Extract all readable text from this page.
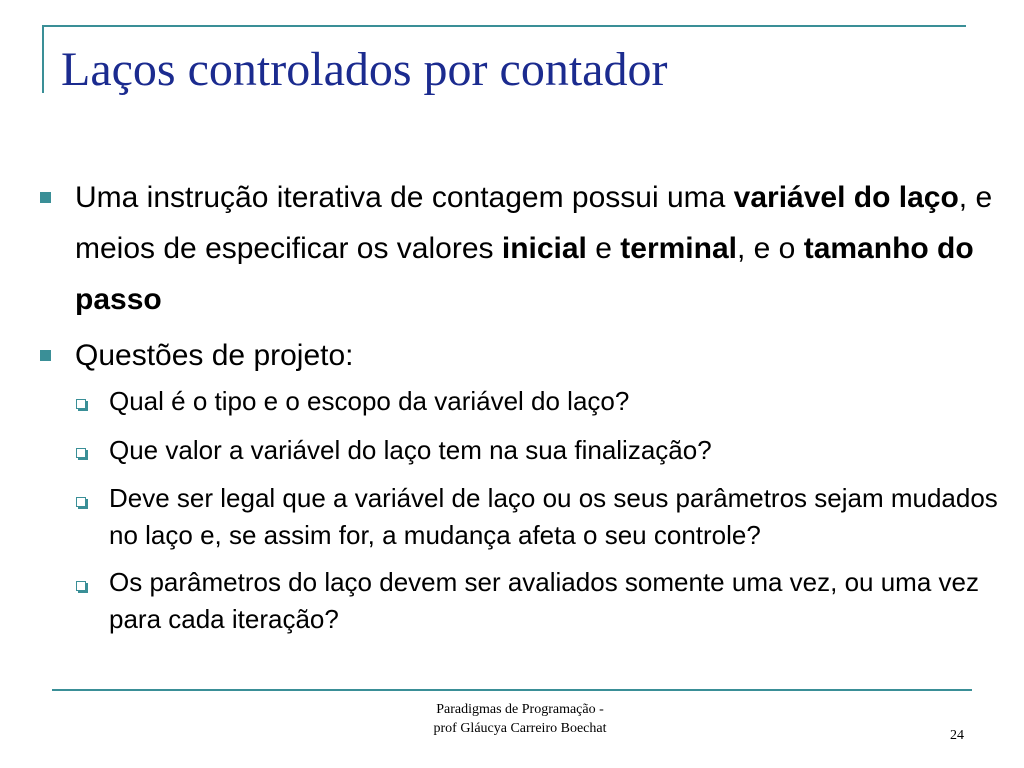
Laços controlados por contador
Uma instrução iterativa de contagem possui uma variável do laço, e meios de especificar os valores inicial e terminal, e o tamanho do passo
Questões de projeto:
Qual é o tipo e o escopo da variável do laço?
Que valor a variável do laço tem na sua finalização?
Deve ser legal que a variável de laço ou os seus parâmetros sejam mudados no laço e, se assim for, a mudança afeta o seu controle?
Os parâmetros do laço devem ser avaliados somente uma vez, ou uma vez para cada iteração?
Paradigmas de Programação -
prof Gláucya Carreiro Boechat	24
